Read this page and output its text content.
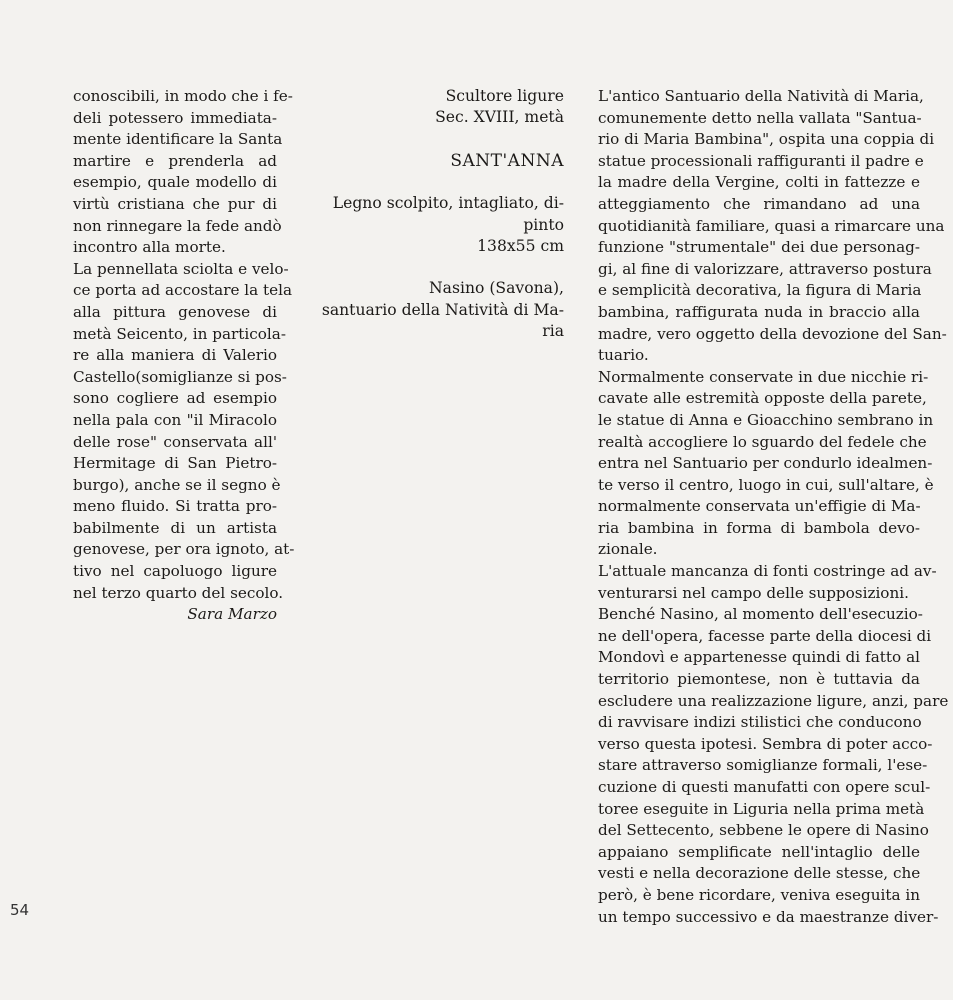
conoscibili, in modo che i fe-
deli potessero immediata-
mente identificare la Santa
martire e prenderla ad
esempio, quale modello di
virtù cristiana che pur di
non rinnegare la fede andò
incontro alla morte.
La pennellata sciolta e velo-
ce porta ad accostare la tela
alla pittura genovese di
metà Seicento, in particola-
re alla maniera di Valerio
Castello(somiglianze si pos-
sono cogliere ad esempio
nella pala con "il Miracolo
delle rose" conservata all'
Hermitage di San Pietro-
burgo), anche se il segno è
meno fluido. Si tratta pro-
babilmente di un artista
genovese, per ora ignoto, at-
tivo nel capoluogo ligure
nel terzo quarto del secolo.
Sara Marzo
Scultore ligure
Sec. XVIII, metà
SANT'ANNA
Legno scolpito, intagliato, di-
pinto
138x55 cm
Nasino (Savona),
santuario della Natività di Ma-
ria
L'antico Santuario della Natività di Maria,
comunemente detto nella vallata "Santua-
rio di Maria Bambina", ospita una coppia di
statue processionali raffiguranti il padre e
la madre della Vergine, colti in fattezze e
atteggiamento che rimandano ad una
quotidianità familiare, quasi a rimarcare una
funzione "strumentale" dei due personag-
gi, al fine di valorizzare, attraverso postura
e semplicità decorativa, la figura di Maria
bambina, raffigurata nuda in braccio alla
madre, vero oggetto della devozione del San-
tuario.
Normalmente conservate in due nicchie ri-
cavate alle estremità opposte della parete,
le statue di Anna e Gioacchino sembrano in
realtà accogliere lo sguardo del fedele che
entra nel Santuario per condurlo idealmen-
te verso il centro, luogo in cui, sull'altare, è
normalmente conservata un'effigie di Ma-
ria bambina in forma di bambola devo-
zionale.
L'attuale mancanza di fonti costringe ad av-
venturarsi nel campo delle supposizioni.
Benché Nasino, al momento dell'esecuzio-
ne dell'opera, facesse parte della diocesi di
Mondovì e appartenesse quindi di fatto al
territorio piemontese, non è tuttavia da
escludere una realizzazione ligure, anzi, pare
di ravvisare indizi stilistici che conducono
verso questa ipotesi. Sembra di poter acco-
stare attraverso somiglianze formali, l'ese-
cuzione di questi manufatti con opere scul-
toree eseguite in Liguria nella prima metà
del Settecento, sebbene le opere di Nasino
appaiano semplificate nell'intaglio delle
vesti e nella decorazione delle stesse, che
però, è bene ricordare, veniva eseguita in
un tempo successivo e da maestranze diver-
54
